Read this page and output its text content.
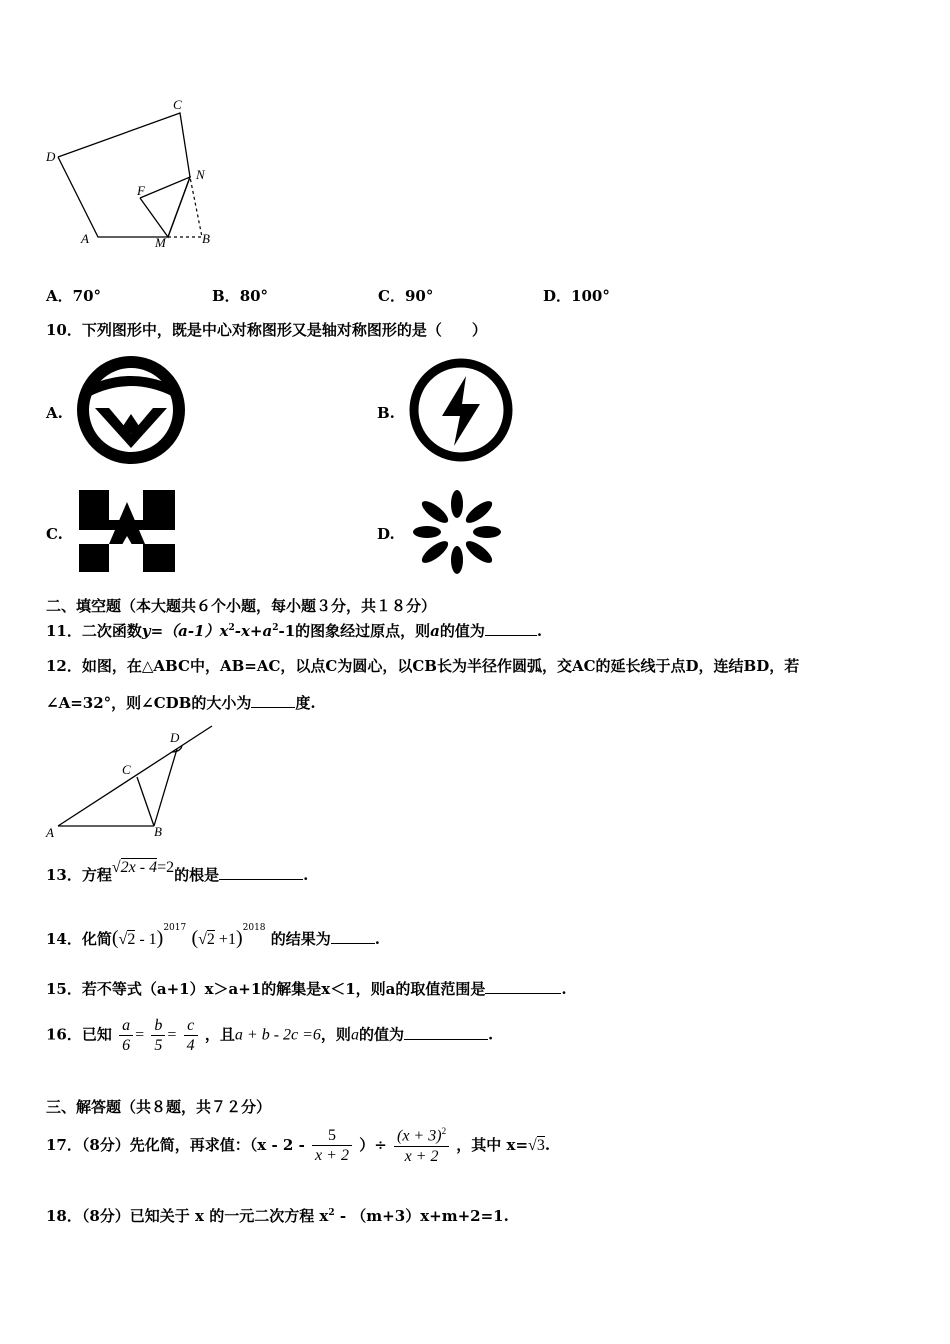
C
D
N
F
A	M	B
A．70°	B．80°	C．90°	D．100°
10．下列图形中，既是中心对称图形又是轴对称图形的是（　　）
A.	B.
C.	D.
二、填空题（本大题共６个小题，每小题３分，共１８分）
11．二次函数$y=(a-1)x^2-x+a^2-1$的图象经过原点，则a的值为	.
12．如图，在△ABC中，AB=AC，以点C为圆心，以CB长为半径作圆弧，交AC的延长线于点D，连结BD，若
∠A=32°，则∠CDB的大小为	度.
D
C
A	B
13．方程√2x - 4=2的根是	.
14．化简(√2 - 1)$^{2017}$ $(√2 +1)^{2018}$ 的结果为	.
15．若不等式（a+1）x＞a+1的解集是x＜1，则a的取值范围是	.
16．已知 $\frac{a}{6} = \frac{b}{5} = \frac{c}{4}$ ，且a + b - 2c =6，则a的值为	.
三、解答题（共８题，共７２分）
17．（8分）先化简，再求值：（$x - 2 - \frac{5}{x + 2}$ ）÷ $\frac{(x + 3)^2}{x + 2}$ ，其中 x=√3.
18．（8分）已知关于 x 的一元二次方程 $x^2 - (m+3)x+m+2=1$.
